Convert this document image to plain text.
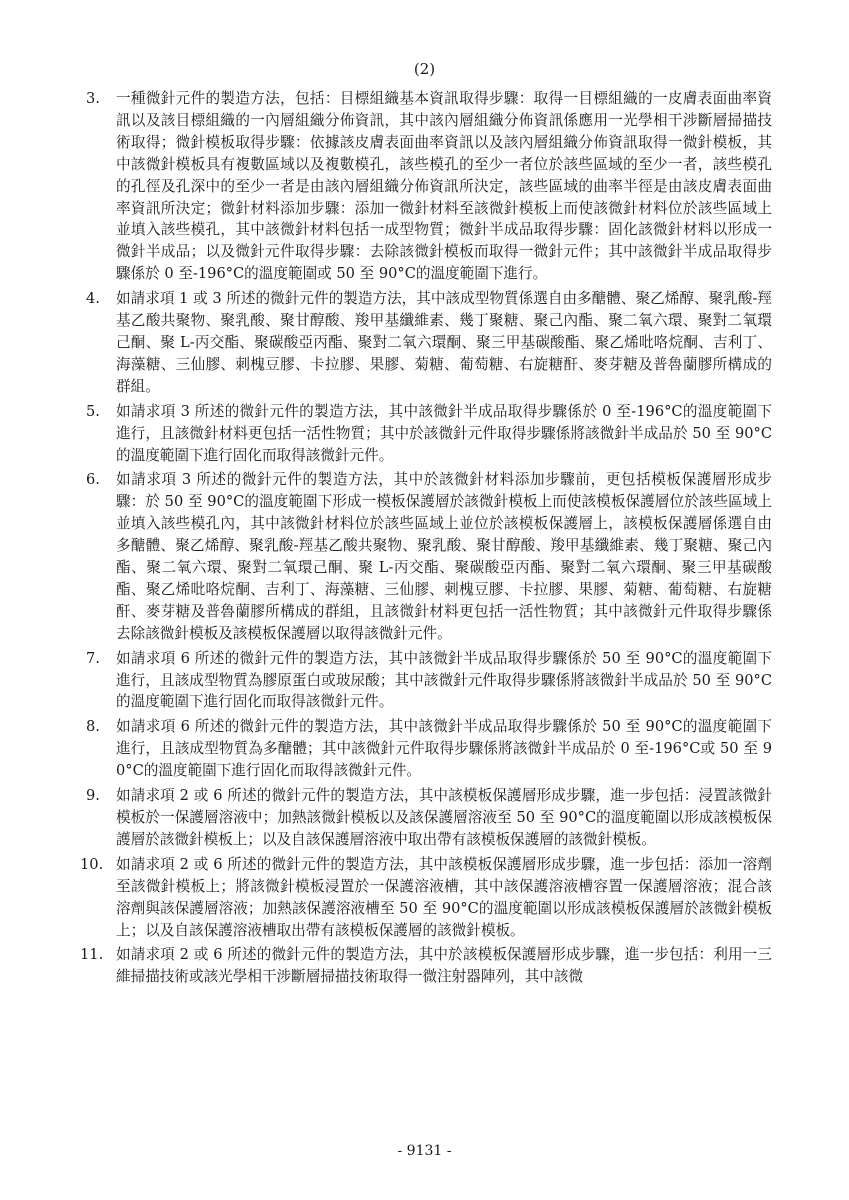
(2)
3.	一種微針元件的製造方法，包括：目標組織基本資訊取得步驟：取得一目標組織的一皮膚表面曲率資訊以及該目標組織的一內層組織分佈資訊，其中該內層組織分佈資訊係應用一光學相干涉斷層掃描技術取得；微針模板取得步驟：依據該皮膚表面曲率資訊以及該內層組織分佈資訊取得一微針模板，其中該微針模板具有複數區域以及複數模孔，該些模孔的至少一者位於該些區域的至少一者，該些模孔的孔徑及孔深中的至少一者是由該內層組織分佈資訊所決定，該些區域的曲率半徑是由該皮膚表面曲率資訊所決定；微針材料添加步驟：添加一微針材料至該微針模板上而使該微針材料位於該些區域上並填入該些模孔，其中該微針材料包括一成型物質；微針半成品取得步驟：固化該微針材料以形成一微針半成品；以及微針元件取得步驟：去除該微針模板而取得一微針元件；其中該微針半成品取得步驟係於 0 至-196°C的溫度範圍或 50 至 90°C的溫度範圍下進行。
4.	如請求項 1 或 3 所述的微針元件的製造方法，其中該成型物質係選自由多醣體、聚乙烯醇、聚乳酸-羥基乙酸共聚物、聚乳酸、聚甘醇酸、羧甲基纖維素、幾丁聚糖、聚己內酯、聚二氧六環、聚對二氧環己酮、聚 L-丙交酯、聚碳酸亞丙酯、聚對二氧六環酮、聚三甲基碳酸酯、聚乙烯吡咯烷酮、吉利丁、海藻糖、三仙膠、刺槐豆膠、卡拉膠、果膠、菊糖、葡萄糖、右旋糖酐、麥芽糖及普魯蘭膠所構成的群組。
5.	如請求項 3 所述的微針元件的製造方法，其中該微針半成品取得步驟係於 0 至-196°C的溫度範圍下進行，且該微針材料更包括一活性物質；其中於該微針元件取得步驟係將該微針半成品於 50 至 90°C的溫度範圍下進行固化而取得該微針元件。
6.	如請求項 3 所述的微針元件的製造方法，其中於該微針材料添加步驟前，更包括模板保護層形成步驟：於 50 至 90°C的溫度範圍下形成一模板保護層於該微針模板上而使該模板保護層位於該些區域上並填入該些模孔內，其中該微針材料位於該些區域上並位於該模板保護層上，該模板保護層係選自由多醣體、聚乙烯醇、聚乳酸-羥基乙酸共聚物、聚乳酸、聚甘醇酸、羧甲基纖維素、幾丁聚糖、聚己內酯、聚二氧六環、聚對二氧環己酮、聚 L-丙交酯、聚碳酸亞丙酯、聚對二氧六環酮、聚三甲基碳酸酯、聚乙烯吡咯烷酮、吉利丁、海藻糖、三仙膠、刺槐豆膠、卡拉膠、果膠、菊糖、葡萄糖、右旋糖酐、麥芽糖及普魯蘭膠所構成的群組，且該微針材料更包括一活性物質；其中該微針元件取得步驟係去除該微針模板及該模板保護層以取得該微針元件。
7.	如請求項 6 所述的微針元件的製造方法，其中該微針半成品取得步驟係於 50 至 90°C的溫度範圍下進行，且該成型物質為膠原蛋白或玻尿酸；其中該微針元件取得步驟係將該微針半成品於 50 至 90°C的溫度範圍下進行固化而取得該微針元件。
8.	如請求項 6 所述的微針元件的製造方法，其中該微針半成品取得步驟係於 50 至 90°C的溫度範圍下進行，且該成型物質為多醣體；其中該微針元件取得步驟係將該微針半成品於 0 至-196°C或 50 至 90°C的溫度範圍下進行固化而取得該微針元件。
9.	如請求項 2 或 6 所述的微針元件的製造方法，其中該模板保護層形成步驟，進一步包括：浸置該微針模板於一保護層溶液中；加熱該微針模板以及該保護層溶液至 50 至 90°C的溫度範圍以形成該模板保護層於該微針模板上；以及自該保護層溶液中取出帶有該模板保護層的該微針模板。
10. 如請求項 2 或 6 所述的微針元件的製造方法，其中該模板保護層形成步驟，進一步包括：添加一溶劑至該微針模板上；將該微針模板浸置於一保護溶液槽，其中該保護溶液槽容置一保護層溶液；混合該溶劑與該保護層溶液；加熱該保護溶液槽至 50 至 90°C的溫度範圍以形成該模板保護層於該微針模板上；以及自該保護溶液槽取出帶有該模板保護層的該微針模板。
11. 如請求項 2 或 6 所述的微針元件的製造方法，其中於該模板保護層形成步驟，進一步包括：利用一三維掃描技術或該光學相干涉斷層掃描技術取得一微注射器陣列，其中該微
- 9131 -
